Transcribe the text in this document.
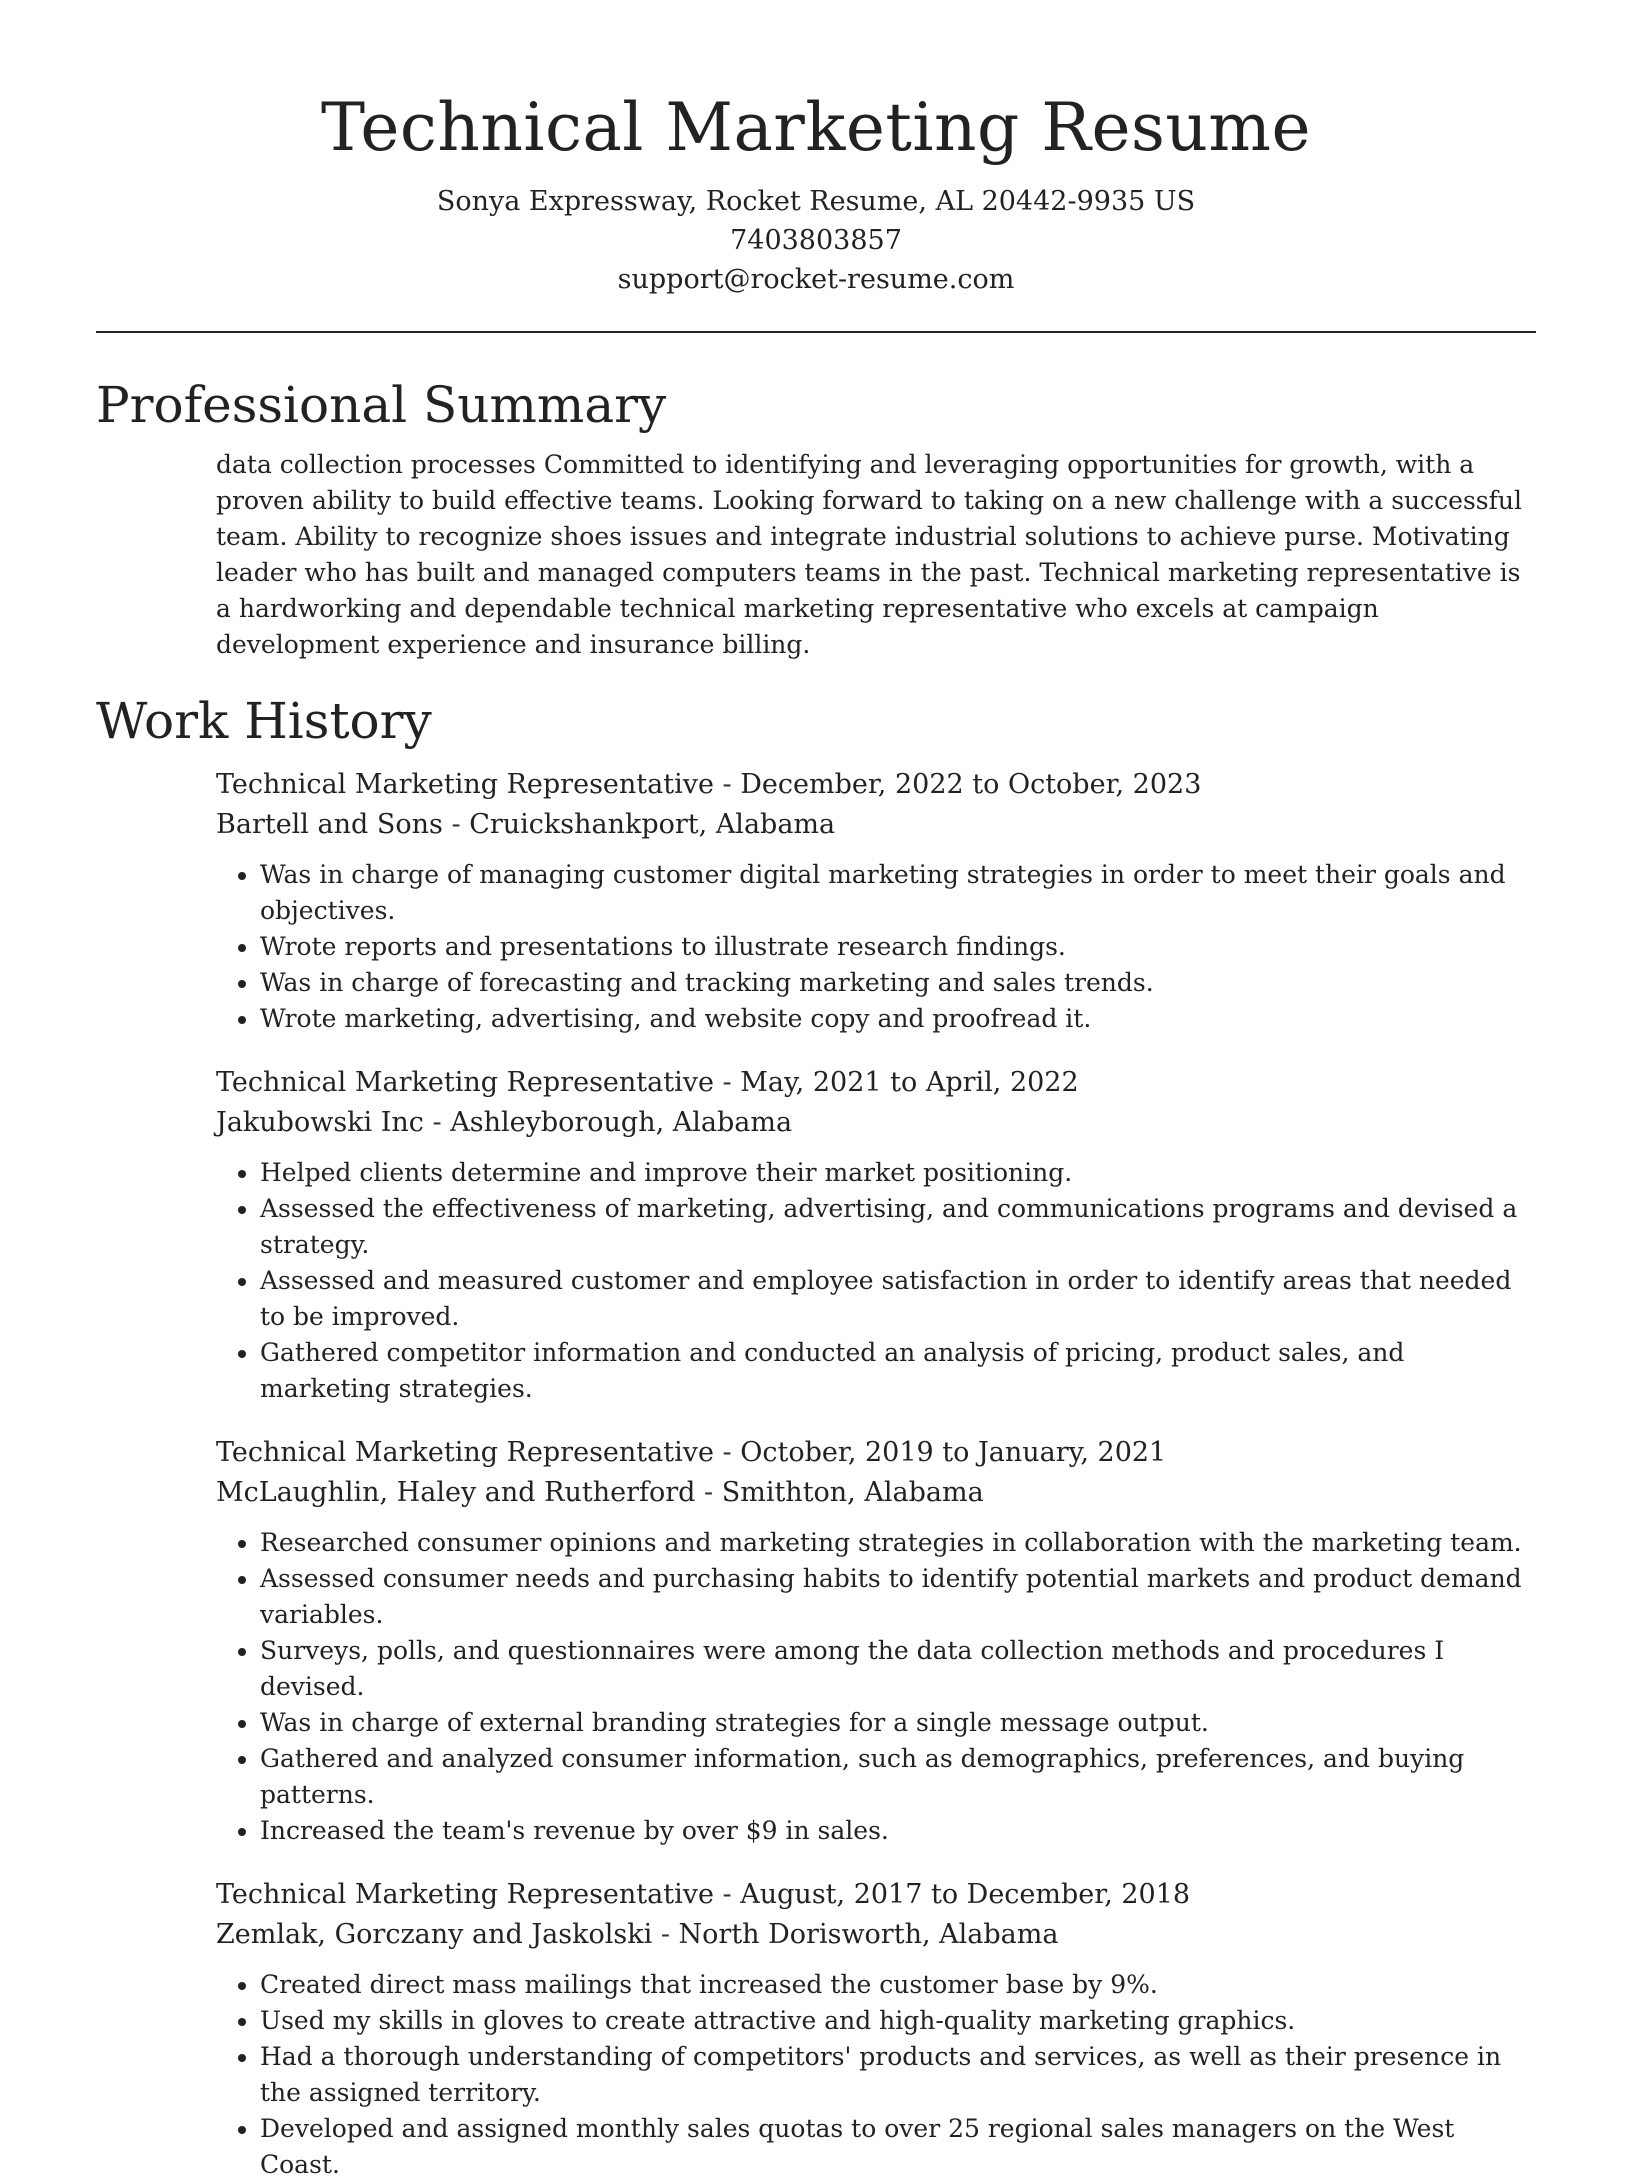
Technical Marketing Resume
Sonya Expressway, Rocket Resume, AL 20442-9935 US
7403803857
support@rocket-resume.com
Professional Summary

data collection processes Committed to identifying and leveraging opportunities for growth, with a proven ability to build effective teams. Looking forward to taking on a new challenge with a successful team. Ability to recognize shoes issues and integrate industrial solutions to achieve purse. Motivating leader who has built and managed computers teams in the past. Technical marketing representative is a hardworking and dependable technical marketing representative who excels at campaign development experience and insurance billing.

Work History
Technical Marketing Representative - December, 2022 to October, 2023
Bartell and Sons - Cruickshankport, Alabama
• Was in charge of managing customer digital marketing strategies in order to meet their goals and objectives.
• Wrote reports and presentations to illustrate research findings.
• Was in charge of forecasting and tracking marketing and sales trends.
• Wrote marketing, advertising, and website copy and proofread it.
Technical Marketing Representative - May, 2021 to April, 2022
Jakubowski Inc - Ashleyborough, Alabama
• Helped clients determine and improve their market positioning.
• Assessed the effectiveness of marketing, advertising, and communications programs and devised a strategy.
• Assessed and measured customer and employee satisfaction in order to identify areas that needed to be improved.
• Gathered competitor information and conducted an analysis of pricing, product sales, and marketing strategies.
Technical Marketing Representative - October, 2019 to January, 2021
McLaughlin, Haley and Rutherford - Smithton, Alabama
• Researched consumer opinions and marketing strategies in collaboration with the marketing team.
• Assessed consumer needs and purchasing habits to identify potential markets and product demand variables.
• Surveys, polls, and questionnaires were among the data collection methods and procedures I devised.
• Was in charge of external branding strategies for a single message output.
• Gathered and analyzed consumer information, such as demographics, preferences, and buying patterns.
• Increased the team's revenue by over $9 in sales.
Technical Marketing Representative - August, 2017 to December, 2018
Zemlak, Gorczany and Jaskolski - North Dorisworth, Alabama
• Created direct mass mailings that increased the customer base by 9%.
• Used my skills in gloves to create attractive and high-quality marketing graphics.
• Had a thorough understanding of competitors' products and services, as well as their presence in the assigned territory.
• Developed and assigned monthly sales quotas to over 25 regional sales managers on the West Coast.
